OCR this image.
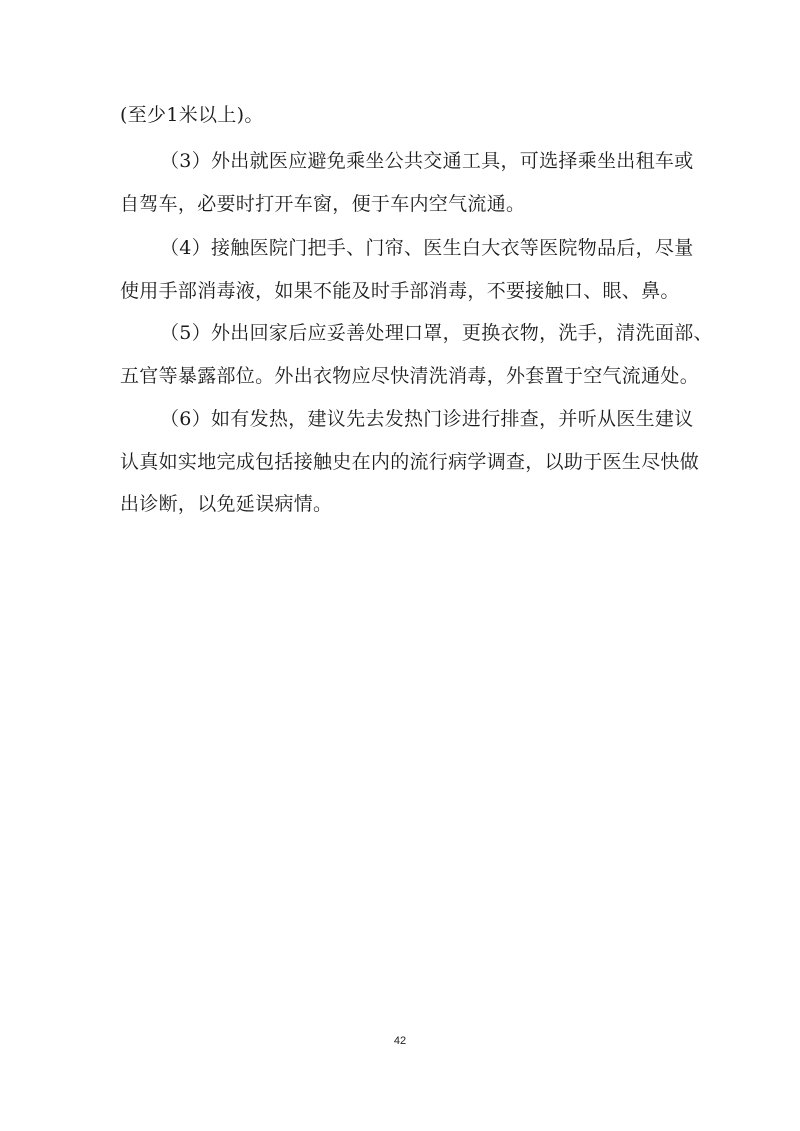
(至少1米以上)。
（3）外出就医应避免乘坐公共交通工具，可选择乘坐出租车或
自驾车，必要时打开车窗，便于车内空气流通。
（4）接触医院门把手、门帘、医生白大衣等医院物品后，尽量
使用手部消毒液，如果不能及时手部消毒，不要接触口、眼、鼻。
（5）外出回家后应妥善处理口罩，更换衣物，洗手，清洗面部、
五官等暴露部位。外出衣物应尽快清洗消毒，外套置于空气流通处。
（6）如有发热，建议先去发热门诊进行排查，并听从医生建议
认真如实地完成包括接触史在内的流行病学调查，以助于医生尽快做
出诊断，以免延误病情。
42
